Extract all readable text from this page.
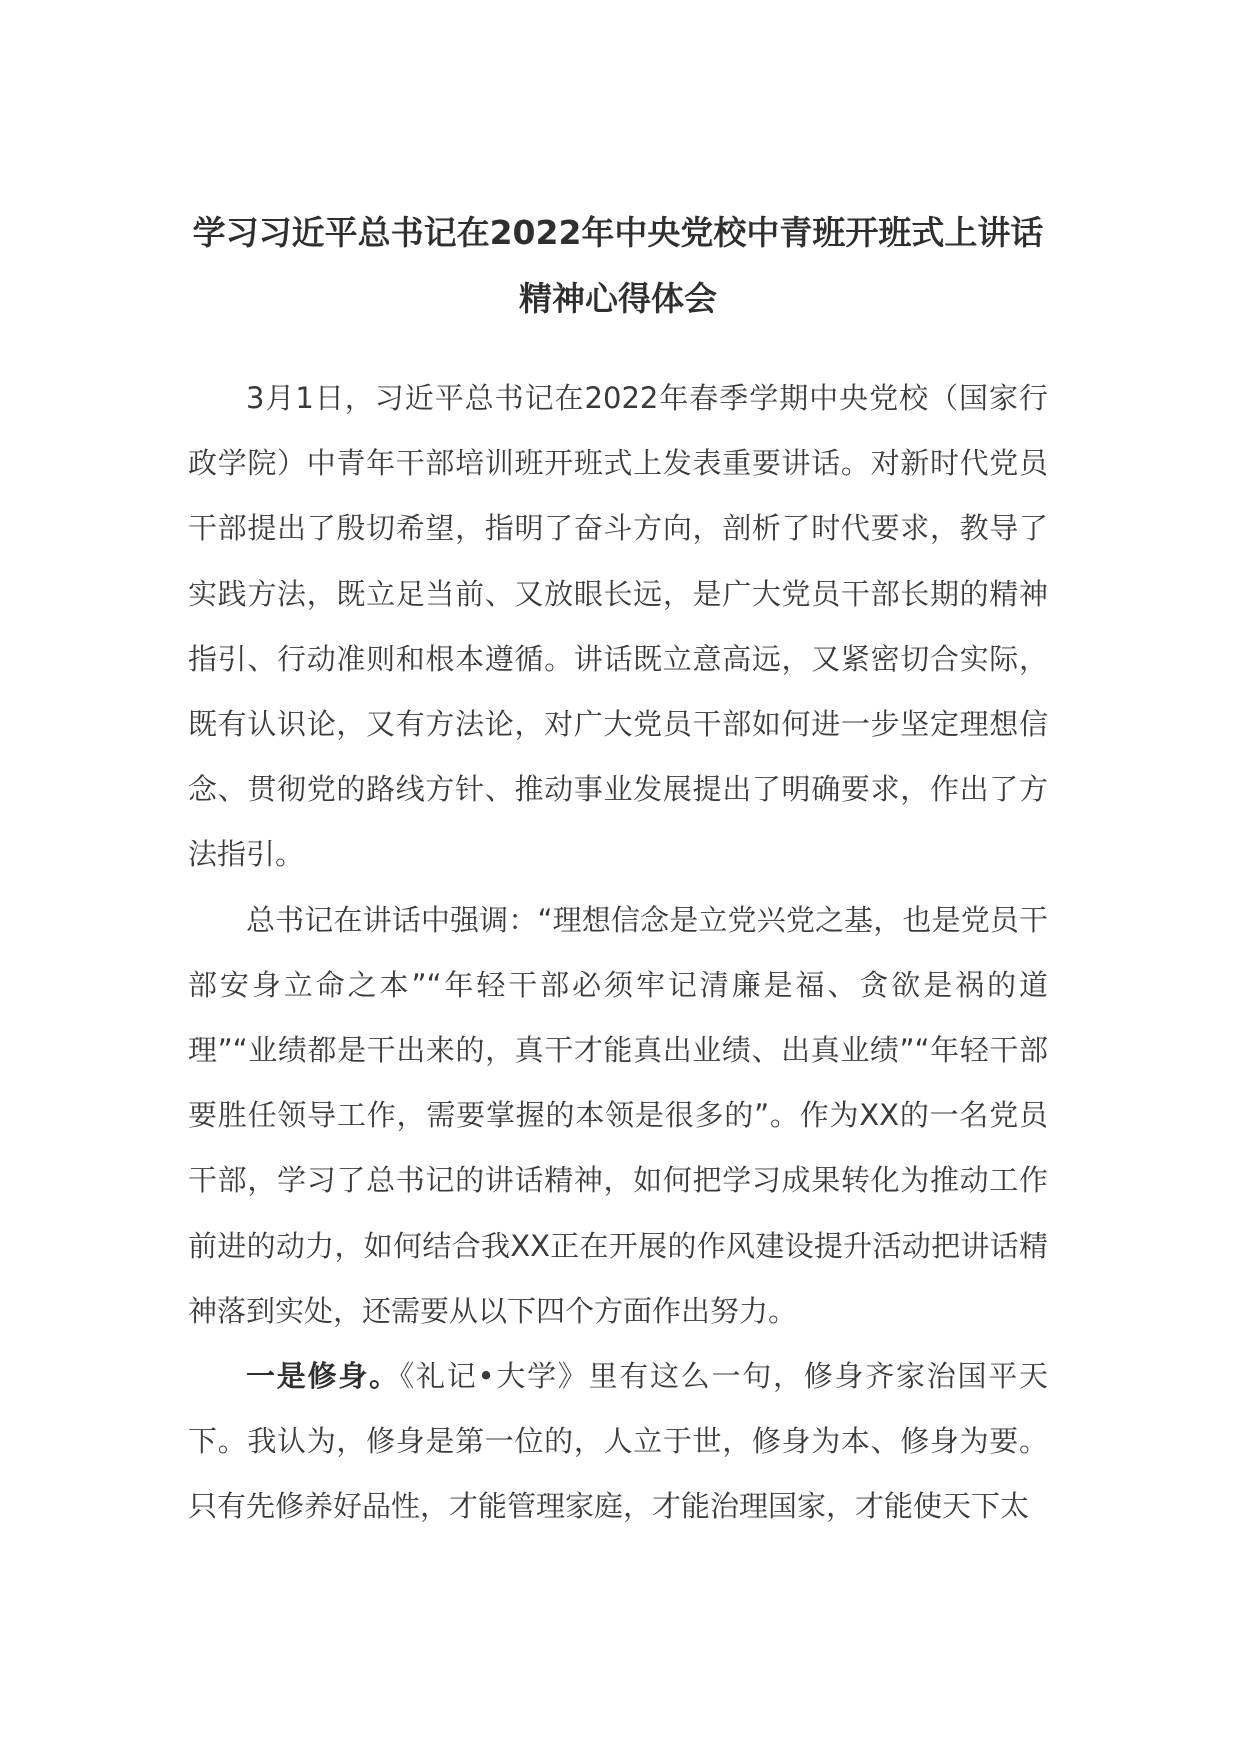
学习习近平总书记在2022年中央党校中青班开班式上讲话精神心得体会

3月1日，习近平总书记在2022年春季学期中央党校（国家行政学院）中青年干部培训班开班式上发表重要讲话。对新时代党员干部提出了殷切希望，指明了奋斗方向，剖析了时代要求，教导了实践方法，既立足当前、又放眼长远，是广大党员干部长期的精神指引、行动准则和根本遵循。讲话既立意高远，又紧密切合实际，既有认识论，又有方法论，对广大党员干部如何进一步坚定理想信念、贯彻党的路线方针、推动事业发展提出了明确要求，作出了方法指引。

总书记在讲话中强调：“理想信念是立党兴党之基，也是党员干部安身立命之本”“年轻干部必须牢记清廉是福、贪欲是祸的道理”“业绩都是干出来的，真干才能真出业绩、出真业绩”“年轻干部要胜任领导工作，需要掌握的本领是很多的”。作为XX的一名党员干部，学习了总书记的讲话精神，如何把学习成果转化为推动工作前进的动力，如何结合我XX正在开展的作风建设提升活动把讲话精神落到实处，还需要从以下四个方面作出努力。

一是修身。《礼记•大学》里有这么一句，修身齐家治国平天下。我认为，修身是第一位的，人立于世，修身为本、修身为要。只有先修养好品性，才能管理家庭，才能治理国家，才能使天下太
